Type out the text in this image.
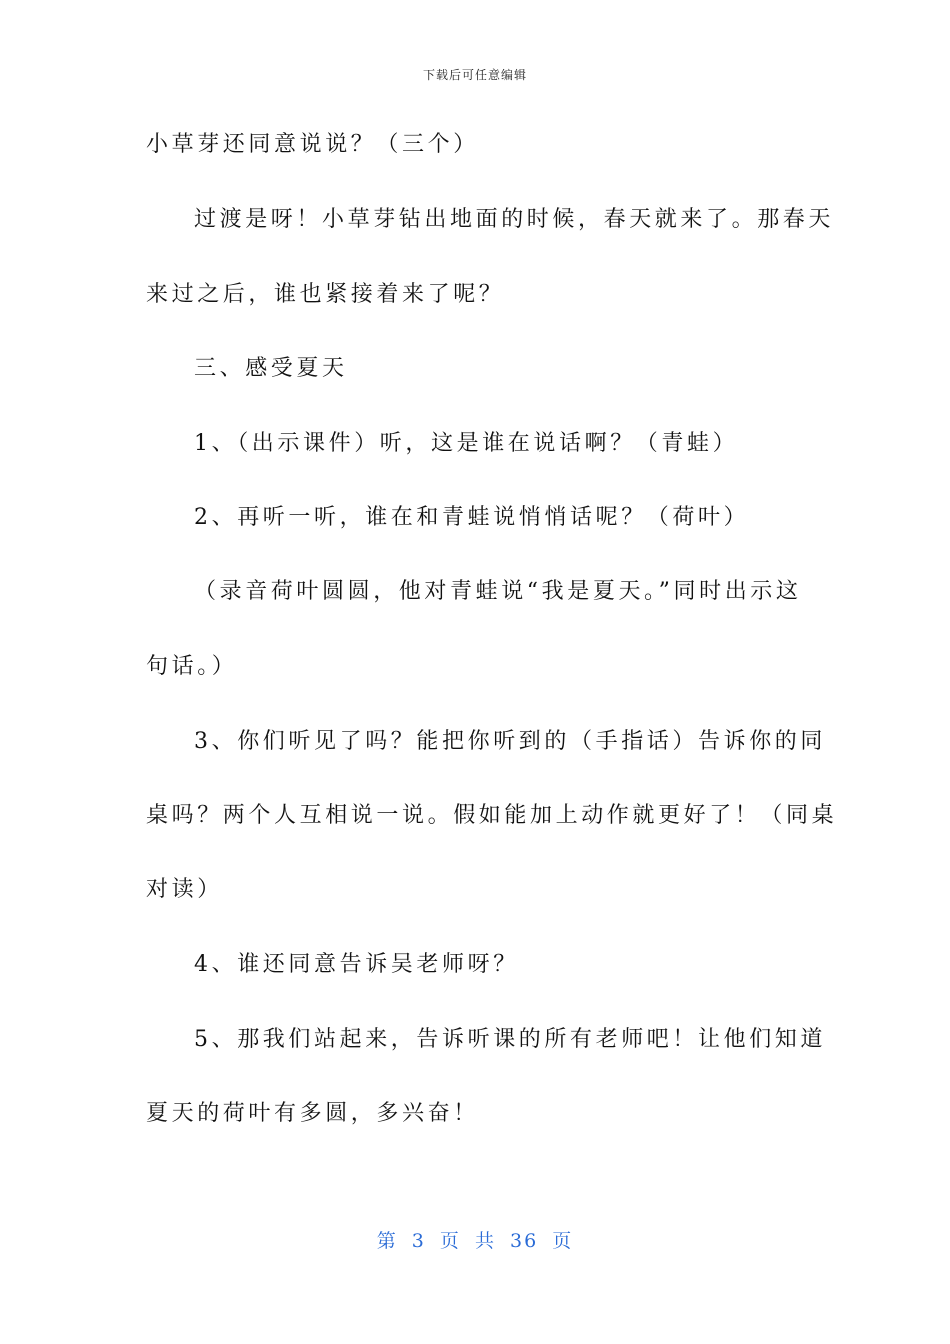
下载后可任意编辑
小草芽还同意说说？（三个）
过渡是呀！小草芽钻出地面的时候，春天就来了。那春天
来过之后，谁也紧接着来了呢？
三、感受夏天
1、（出示课件）听，这是谁在说话啊？（青蛙）
2、再听一听，谁在和青蛙说悄悄话呢？（荷叶）
（录音荷叶圆圆，他对青蛙说“我是夏天。”同时出示这
句话。）
3、你们听见了吗？能把你听到的（手指话）告诉你的同
桌吗？两个人互相说一说。假如能加上动作就更好了！（同桌
对读）
4、谁还同意告诉吴老师呀？
5、那我们站起来，告诉听课的所有老师吧！让他们知道
夏天的荷叶有多圆，多兴奋！
第 3 页 共 36 页
